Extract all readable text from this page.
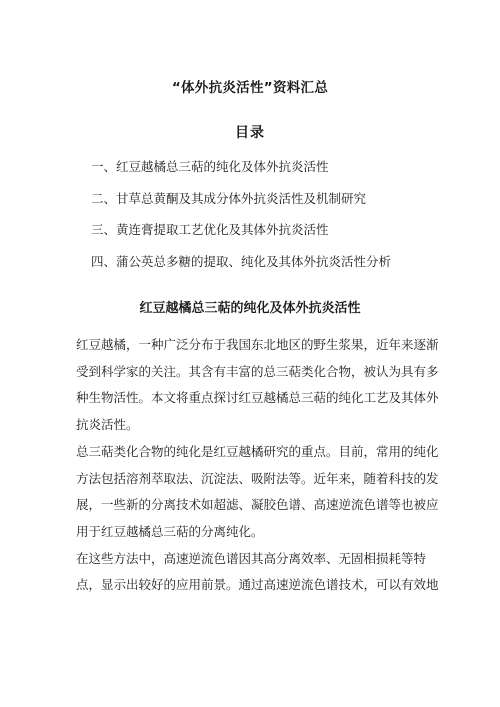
“体外抗炎活性”资料汇总
目录
一、红豆越橘总三萜的纯化及体外抗炎活性
二、甘草总黄酮及其成分体外抗炎活性及机制研究
三、黄连膏提取工艺优化及其体外抗炎活性
四、蒲公英总多糖的提取、纯化及其体外抗炎活性分析
红豆越橘总三萜的纯化及体外抗炎活性
红豆越橘，一种广泛分布于我国东北地区的野生浆果，近年来逐渐
受到科学家的关注。其含有丰富的总三萜类化合物，被认为具有多
种生物活性。本文将重点探讨红豆越橘总三萜的纯化工艺及其体外
抗炎活性。
总三萜类化合物的纯化是红豆越橘研究的重点。目前，常用的纯化
方法包括溶剂萃取法、沉淀法、吸附法等。近年来，随着科技的发
展，一些新的分离技术如超滤、凝胶色谱、高速逆流色谱等也被应
用于红豆越橘总三萜的分离纯化。
在这些方法中，高速逆流色谱因其高分离效率、无固相损耗等特
点，显示出较好的应用前景。通过高速逆流色谱技术，可以有效地
